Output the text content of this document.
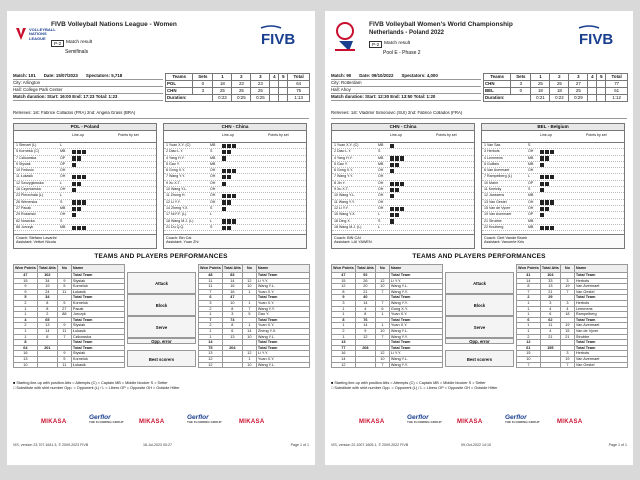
VOLLEYBALL NATIONS LEAGUE
FIVB Volleyball Nations League - Women
P-2	Match result
Semifinals
FIVB
Match: 101 Date: 15/07/2023 Spectators: 5,718
City: Arlington
Hall: College Park Center
Match duration: Start: 16:00 End: 17:23 Total: 1:23
Teams	Sets	1	2	3	4	5	Total
POL	0	18	23	23			64
CHN	3	25	25	25			75
Duration:		0:23	0:25	0:25			1:13
Referees: 1st: Fabrice Collados (FRA) 2nd: Angela Grass (BRA)
POL - Poland
Line-up	Points by set
1 Stenzel (L)	L
5 Korneluk (C)	MB
7 Czikowska	OP
9 Stysiak	OP
10 Fedusio	OH
11 Łukasik	OH
12 Szczygłowska	L
16 Czyrniańska	OH
23 Pierzchała (L)	L
26 Wenerska	S
27 Pacak	MB
29 Różański	OH
62 Nowicka	S
88 Jurczyk	MB
Coach: Stefano Lavarini
Assistant: Vettori Nicola
CHN - China
Line-up	Points by set
1 Yuan X.Y. (C)	MB
2 Diao L.Y.	S
4 Yang H.Y.	MB
5 Gao Y.	MB
6 Gong X.Y.	OH
7 Wang Y.Y.	OH
9 Xu X.T.	OH
10 Wang Y.L.	OH
11 Zhong H.	OH
12 Li Y.Y.	OH
14 Zheng Y.X.	S
17 Ni F.F. (L)	L
18 Wang M.J. (L)	L
21 Du Q.Q.	S
Coach: Bin Cai
Assistant: Yuan Zhi
TEAMS AND PLAYERS PERFORMANCES
Won Points	Total Atts	No	Name
47	102		Total Team
15	34	9	Stysiak
9	19	5	Korneluk
9	24	11	Łukasik
5	34		Total Team
2	8	5	Korneluk
1	8	27	Pacak
1	2	88	Jurczyk
4	65		Total Team
2	13	9	Stysiak
1	14	11	Łukasik
1	6	7	Czikowska
8			Total Team
64	201		Total Team
16		9	Stysiak
13		5	Korneluk
10		11	Łukasik
Won Points	Total Atts	No	Name
48	83		Total Team
11	14	12	Li Y.Y.
11	16	10	Wang Y.L.
7	16	1	Yuan X.Y.
6	47		Total Team
3	10	1	Yuan X.Y.
2	8	7	Wang Y.Y.
1	3	5	Gao Y.
7	74		Total Team
2	8	1	Yuan X.Y.
1	6	14	Zheng Y.X.
1	13	10	Wang Y.L.
14			Total Team
75	204		Total Team
13		12	Li Y.Y.
12		1	Yuan X.Y.
12		10	Wang Y.L.
Attack
Block
Serve
Opp. error
Best scorers
■ Starting line-up with position Atts = Attempts (C) = Captain MB = Middle blocker S = Setter
□ Substitute with shirt number Opp. = Opponent (L) / L = Libero OP = Opposite OH = Outside Hitter
MIKASA
Gerflor
THE FLOORING GROUP	MIKASA
Gerflor
THE FLOORING GROUP	MIKASA
VIS, version 23.707.1641.3, © 2009-2023 FIVB	16-Jul-2023 00:27	Page 1 of 1
FIVB Volleyball Women's World Championship
Netherlands - Poland 2022
P-2	Match result
Pool E - Phase 2
FIVB
Match: 90 Date: 09/10/2022 Spectators: 4,000
City: Rotterdam
Hall: Ahoy
Match duration: Start: 12:30 End: 13:50 Total: 1:20
Teams	Sets	1	2	3	4	5	Total
CHN	3	25	25	27			77
BEL	0	18	18	25			61
Duration:		0:21	0:22	0:29			1:12
Referees: 1st: Vladimir Simonovic (SUI) 2nd: Fabrice Collados (FRA)
CHN - China
Line-up	Points by set
1 Yuan X.Y. (C)	MB
2 Diao L.Y.	S
4 Yang H.Y.	MB
5 Gao Y.	MB
6 Gong X.Y.	OH
7 Wang Y.Y.	OH
8 Jin Y.	OH
9 Xu X.T.	OH
10 Wang Y.L.	OH
11 Wang Y.Y.	OH
12 Li Y.Y.	OH
15 Wang Y.X.	L
16 Ding X.	S
18 Wang M.J. (L)	L
Coach: BIN CAI
Assistant: LAI YAWEN
BEL - Belgium
Line-up	Points by set
1 Van Sas	S
3 Herbots	OH
4 Lemmens	MB
5 Guillain	MB
6 Van Avermaet	OH
7 Rampelberg (L)	L
10 Mahir	OP
11 Kneicky	S
12 Janssens	MB
13 Van Gestel	OH
15 Van de Vyver	OH
19 Van Avermaet	OP
21 Strubbe	MB
22 Knuiberg	MB
Coach: Gert Vande Broek
Assistant: Vanoerle Kris
TEAMS AND PLAYERS PERFORMANCES
Won Points	Total Atts	No	Name
47	92		Total Team
15	26	12	Li Y.Y.
12	20	10	Wang Y.L.
8	21	7	Wang Y.Y.
9	40		Total Team
3	14	7	Wang Y.Y.
1	4	6	Gong X.Y.
1	8	1	Yuan X.Y.
8	76		Total Team
1	14	1	Yuan X.Y.
2	9	10	Wang Y.L.
1	12	7	Wang Y.Y.
13			Total Team
77	208		Total Team
16		12	Li Y.Y.
14		10	Wang Y.L.
12		7	Wang Y.Y.
Won Points	Total Atts	No	Name
41	104		Total Team
14	33	3	Herbots
8	13	19	Van Avermaet
7	21	7	Van Gestel
2	29		Total Team
1	3	3	Herbots
1	4	4	Lemmens
1	6	18	Rampelberg
6	62		Total Team
1	11	19	Van Avermaet
1	4	15	Van de Vyver
2	21	21	Strubbe
12			Total Team
61	195		Total Team
15		3	Herbots
10		19	Van Avermaet
7		7	Van Gestel
Attack
Block
Serve
Opp. error
Best scorers
■ Starting line-up with position Atts = Attempts (C) = Captain MB = Middle blocker S = Setter
□ Substitute with shirt number Opp. = Opponent (L) / L = Libero OP = Opposite OH = Outside Hitter
MIKASA
Gerflor
THE FLOORING GROUP	MIKASA
Gerflor
THE FLOORING GROUP	MIKASA
VIS, version 22.1007.1605.1, © 2009-2022 FIVB	09-Oct-2022 14:10	Page 1 of 1
